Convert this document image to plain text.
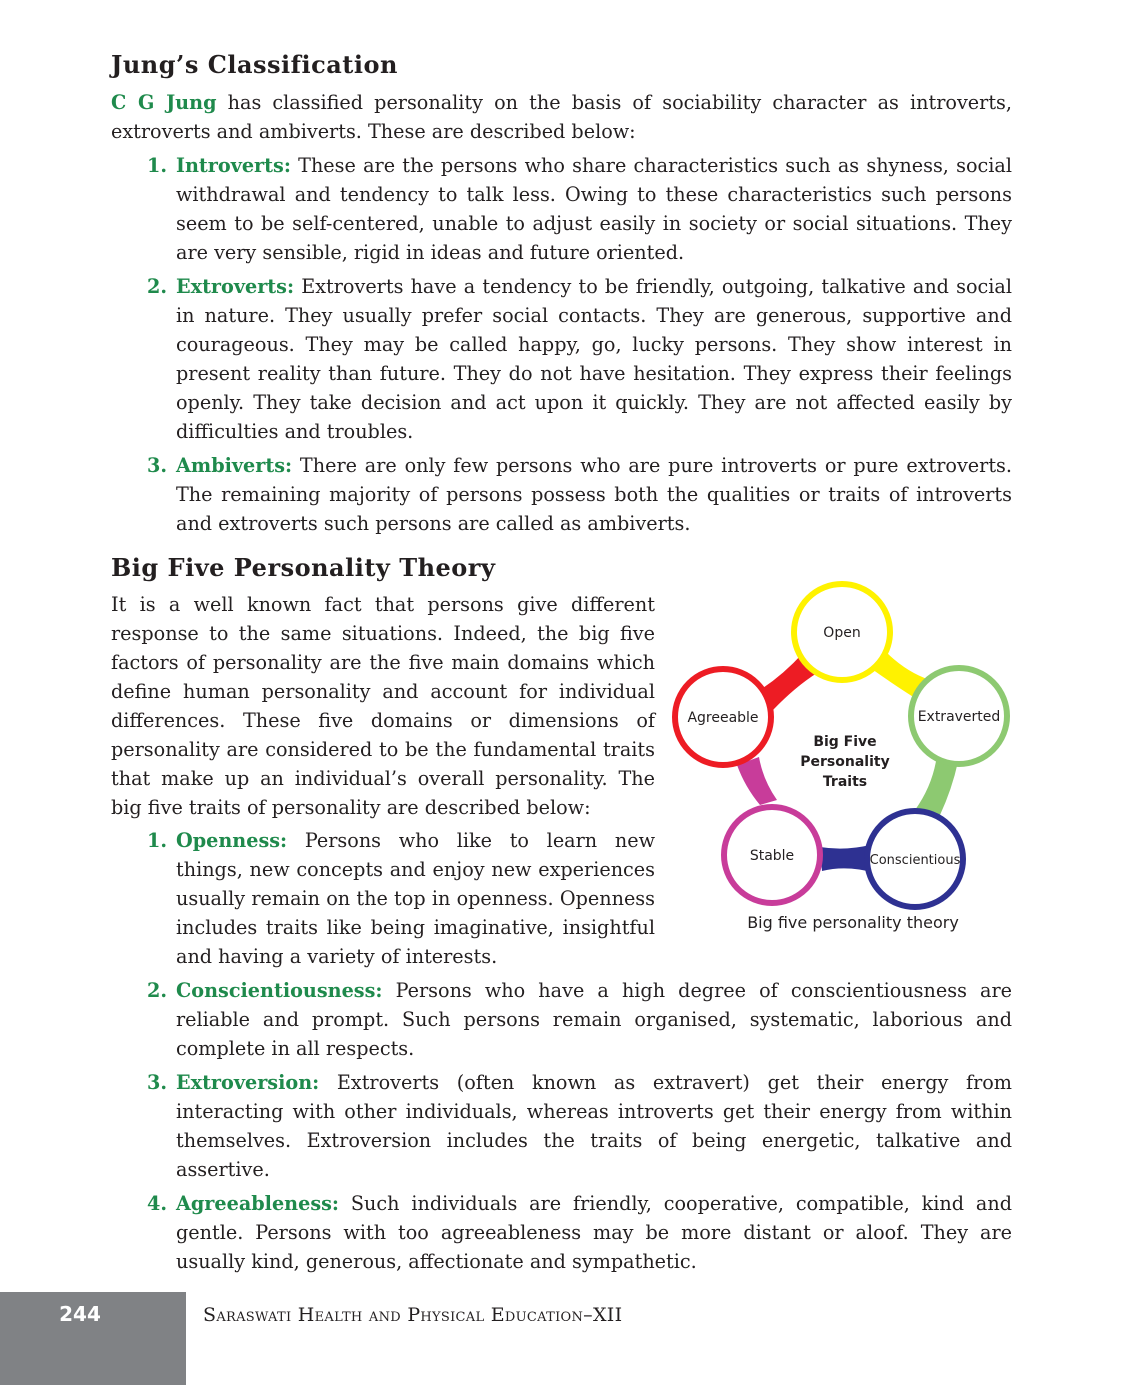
Jung’s Classification

C G Jung has classified personality on the basis of sociability character as introverts, extroverts and ambiverts. These are described below:

1. Introverts: These are the persons who share characteristics such as shyness, social withdrawal and tendency to talk less. Owing to these characteristics such persons seem to be self-centered, unable to adjust easily in society or social situations. They are very sensible, rigid in ideas and future oriented.
2. Extroverts: Extroverts have a tendency to be friendly, outgoing, talkative and social in nature. They usually prefer social contacts. They are generous, supportive and courageous. They may be called happy, go, lucky persons. They show interest in present reality than future. They do not have hesitation. They express their feelings openly. They take decision and act upon it quickly. They are not affected easily by difficulties and troubles.
3. Ambiverts: There are only few persons who are pure introverts or pure extroverts. The remaining majority of persons possess both the qualities or traits of introverts and extroverts such persons are called as ambiverts.
Big Five Personality Theory

It is a well known fact that persons give different response to the same situations. Indeed, the big five factors of personality are the five main domains which define human personality and account for individual differences. These five domains or dimensions of personality are considered to be the fundamental traits that make up an individual’s overall personality. The big five traits of personality are described below:

1. Openness: Persons who like to learn new things, new concepts and enjoy new experiences usually remain on the top in openness. Openness includes traits like being imaginative, insightful and having a variety of interests.
2. Conscientiousness: Persons who have a high degree of conscientiousness are reliable and prompt. Such persons remain organised, systematic, laborious and complete in all respects.
3. Extroversion: Extroverts (often known as extravert) get their energy from interacting with other individuals, whereas introverts get their energy from within themselves. Extroversion includes the traits of being energetic, talkative and assertive.
4. Agreeableness: Such individuals are friendly, cooperative, compatible, kind and gentle. Persons with too agreeableness may be more distant or aloof. They are usually kind, generous, affectionate and sympathetic.
Open
Extraverted
Conscientious
Stable
Agreeable
Big Five
Personality
Traits
Big five personality theory
244	Saraswati Health and Physical Education–XII
